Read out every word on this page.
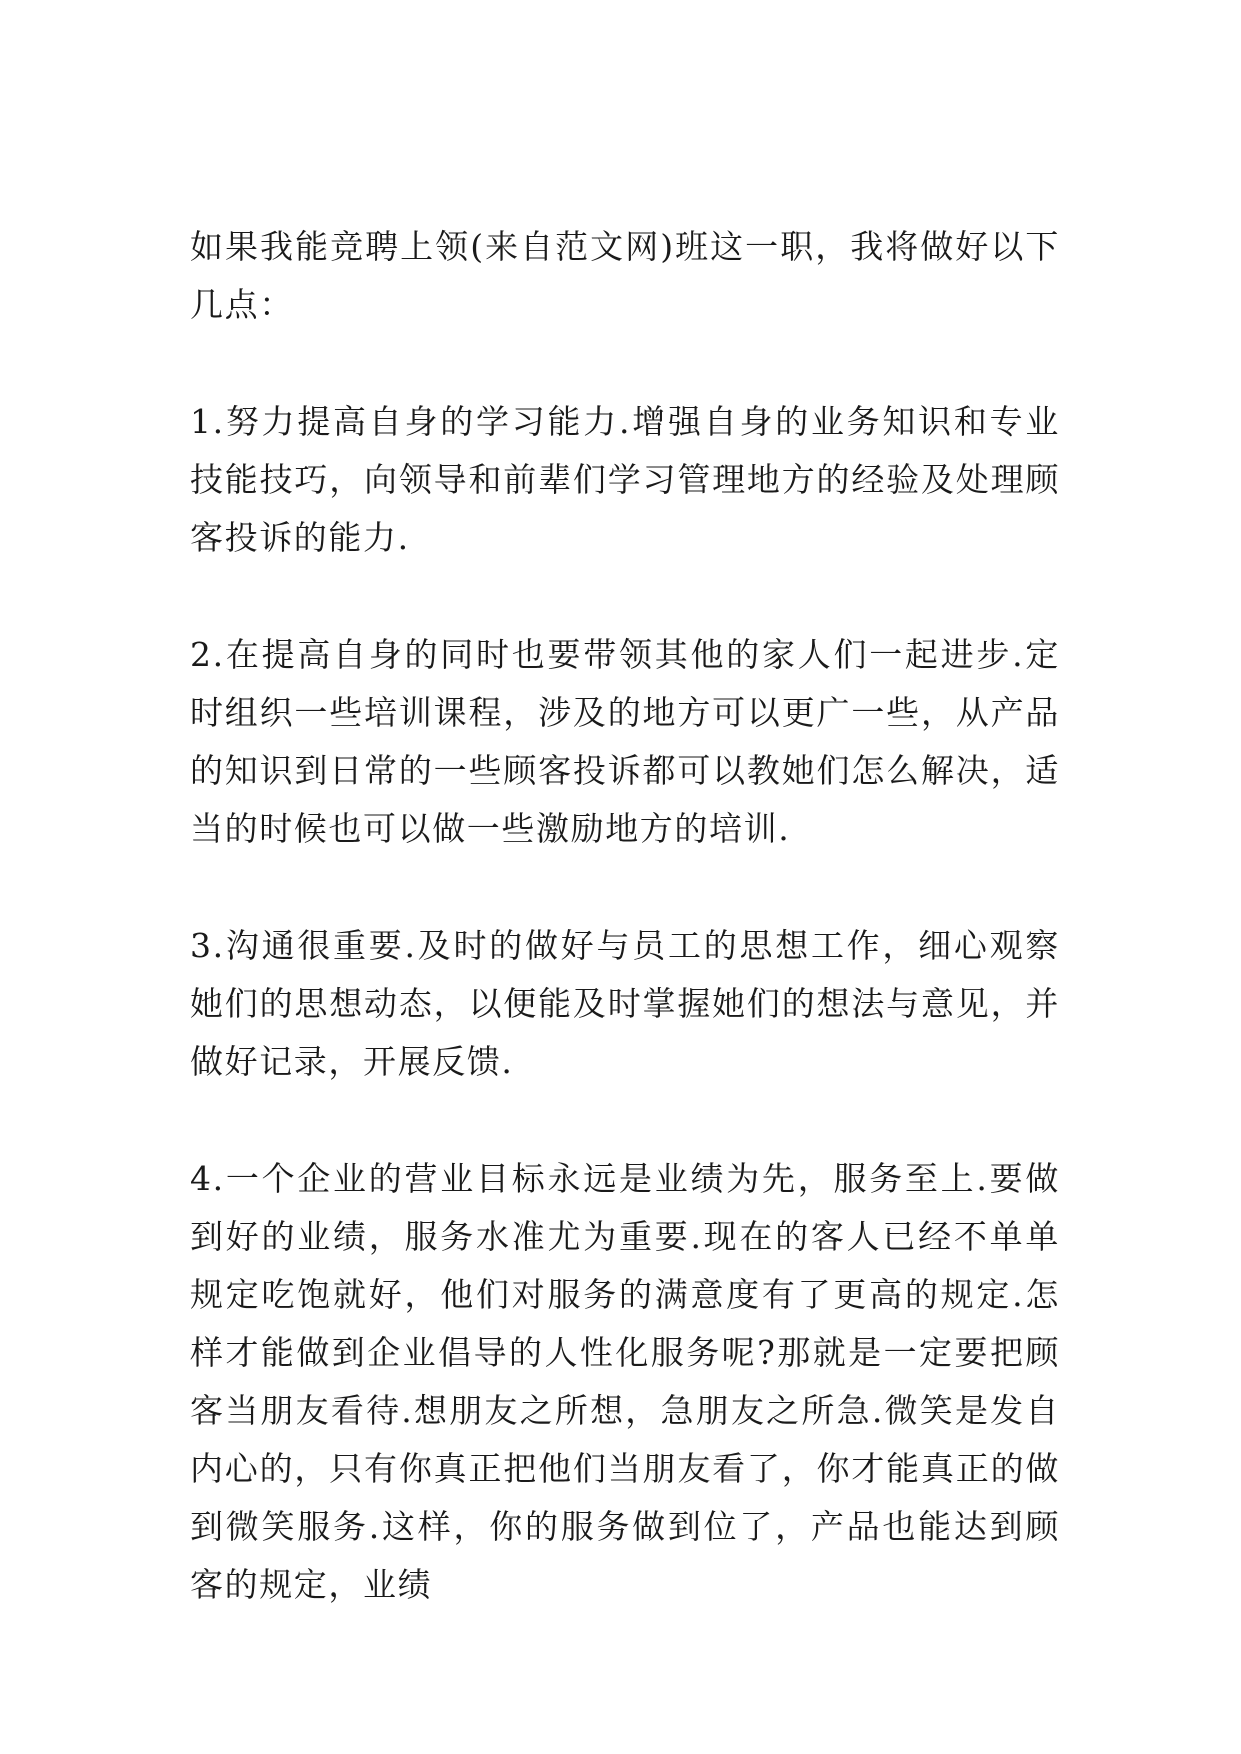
如果我能竞聘上领(来自范文网)班这一职，我将做好以下几点：

1.努力提高自身的学习能力.增强自身的业务知识和专业技能技巧，向领导和前辈们学习管理地方的经验及处理顾客投诉的能力.

2.在提高自身的同时也要带领其他的家人们一起进步.定时组织一些培训课程，涉及的地方可以更广一些，从产品的知识到日常的一些顾客投诉都可以教她们怎么解决，适当的时候也可以做一些激励地方的培训.

3.沟通很重要.及时的做好与员工的思想工作，细心观察她们的思想动态，以便能及时掌握她们的想法与意见，并做好记录，开展反馈.

4.一个企业的营业目标永远是业绩为先，服务至上.要做到好的业绩，服务水准尤为重要.现在的客人已经不单单规定吃饱就好，他们对服务的满意度有了更高的规定.怎样才能做到企业倡导的人性化服务呢?那就是一定要把顾客当朋友看待.想朋友之所想，急朋友之所急.微笑是发自内心的，只有你真正把他们当朋友看了，你才能真正的做到微笑服务.这样，你的服务做到位了，产品也能达到顾客的规定，业绩
